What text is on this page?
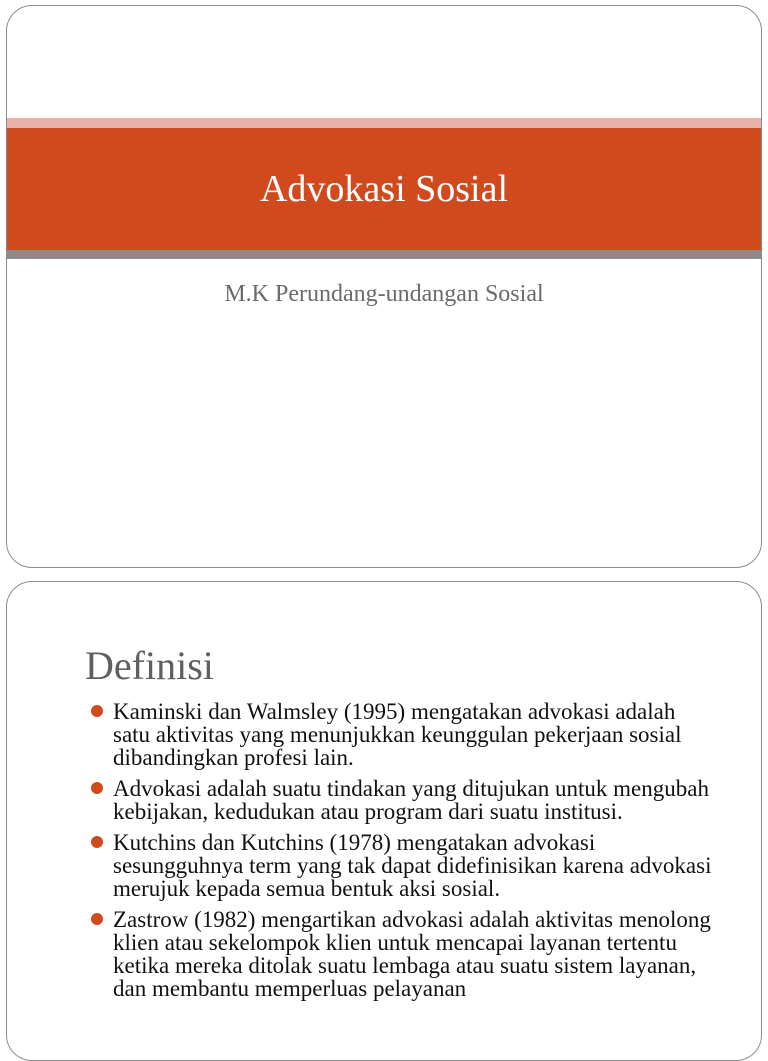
Advokasi Sosial
M.K Perundang-undangan Sosial
Definisi
Kaminski dan Walmsley (1995) mengatakan advokasi adalah satu aktivitas yang menunjukkan keunggulan pekerjaan sosial dibandingkan profesi lain.
Advokasi adalah suatu tindakan yang ditujukan untuk mengubah kebijakan, kedudukan atau program dari suatu institusi.
Kutchins dan Kutchins (1978) mengatakan advokasi sesungguhnya term yang tak dapat didefinisikan karena advokasi merujuk kepada semua bentuk aksi sosial.
Zastrow (1982) mengartikan advokasi adalah aktivitas menolong klien atau sekelompok klien untuk mencapai layanan tertentu ketika mereka ditolak suatu lembaga atau suatu sistem layanan, dan membantu memperluas pelayanan
